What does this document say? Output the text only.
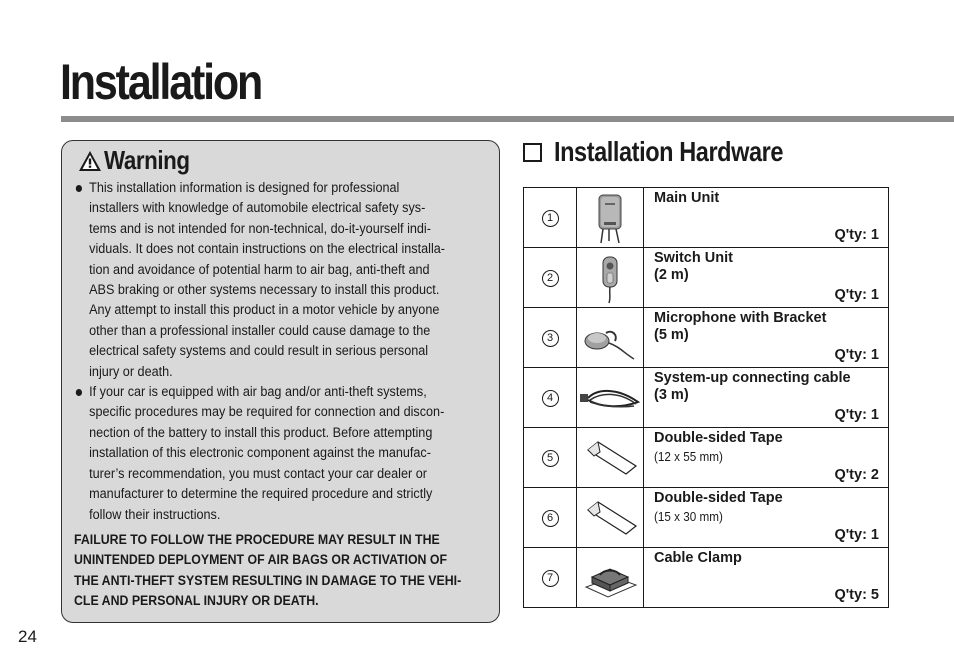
Installation
Warning
This installation information is designed for professional
installers with knowledge of automobile electrical safety sys-
tems and is not intended for non-technical, do-it-yourself indi-
viduals. It does not contain instructions on the electrical installa-
tion and avoidance of potential harm to air bag, anti-theft and
ABS braking or other systems necessary to install this product.
Any attempt to install this product in a motor vehicle by anyone
other than a professional installer could cause damage to the
electrical safety systems and could result in serious personal
injury or death.
If your car is equipped with air bag and/or anti-theft systems,
specific procedures may be required for connection and discon-
nection of the battery to install this product. Before attempting
installation of this electronic component against the manufac-
turer’s recommendation, you must contact your car dealer or
manufacturer to determine the required procedure and strictly
follow their instructions.

FAILURE TO FOLLOW THE PROCEDURE MAY RESULT IN THE
UNINTENDED DEPLOYMENT OF AIR BAGS OR ACTIVATION OF
THE ANTI-THEFT SYSTEM RESULTING IN DAMAGE TO THE VEHI-
CLE AND PERSONAL INJURY OR DEATH.

24
Installation Hardware
1		Main Unit
Q'ty: 1

2		Switch Unit
(2 m)
Q'ty: 1

3		Microphone with Bracket
(5 m)
Q'ty: 1

4		System-up connecting cable
(3 m)
Q'ty: 1

5		Double-sided Tape
(12 x 55 mm)
Q'ty: 2

6		Double-sided Tape
(15 x 30 mm)
Q'ty: 1

7		Cable Clamp
Q'ty: 5
